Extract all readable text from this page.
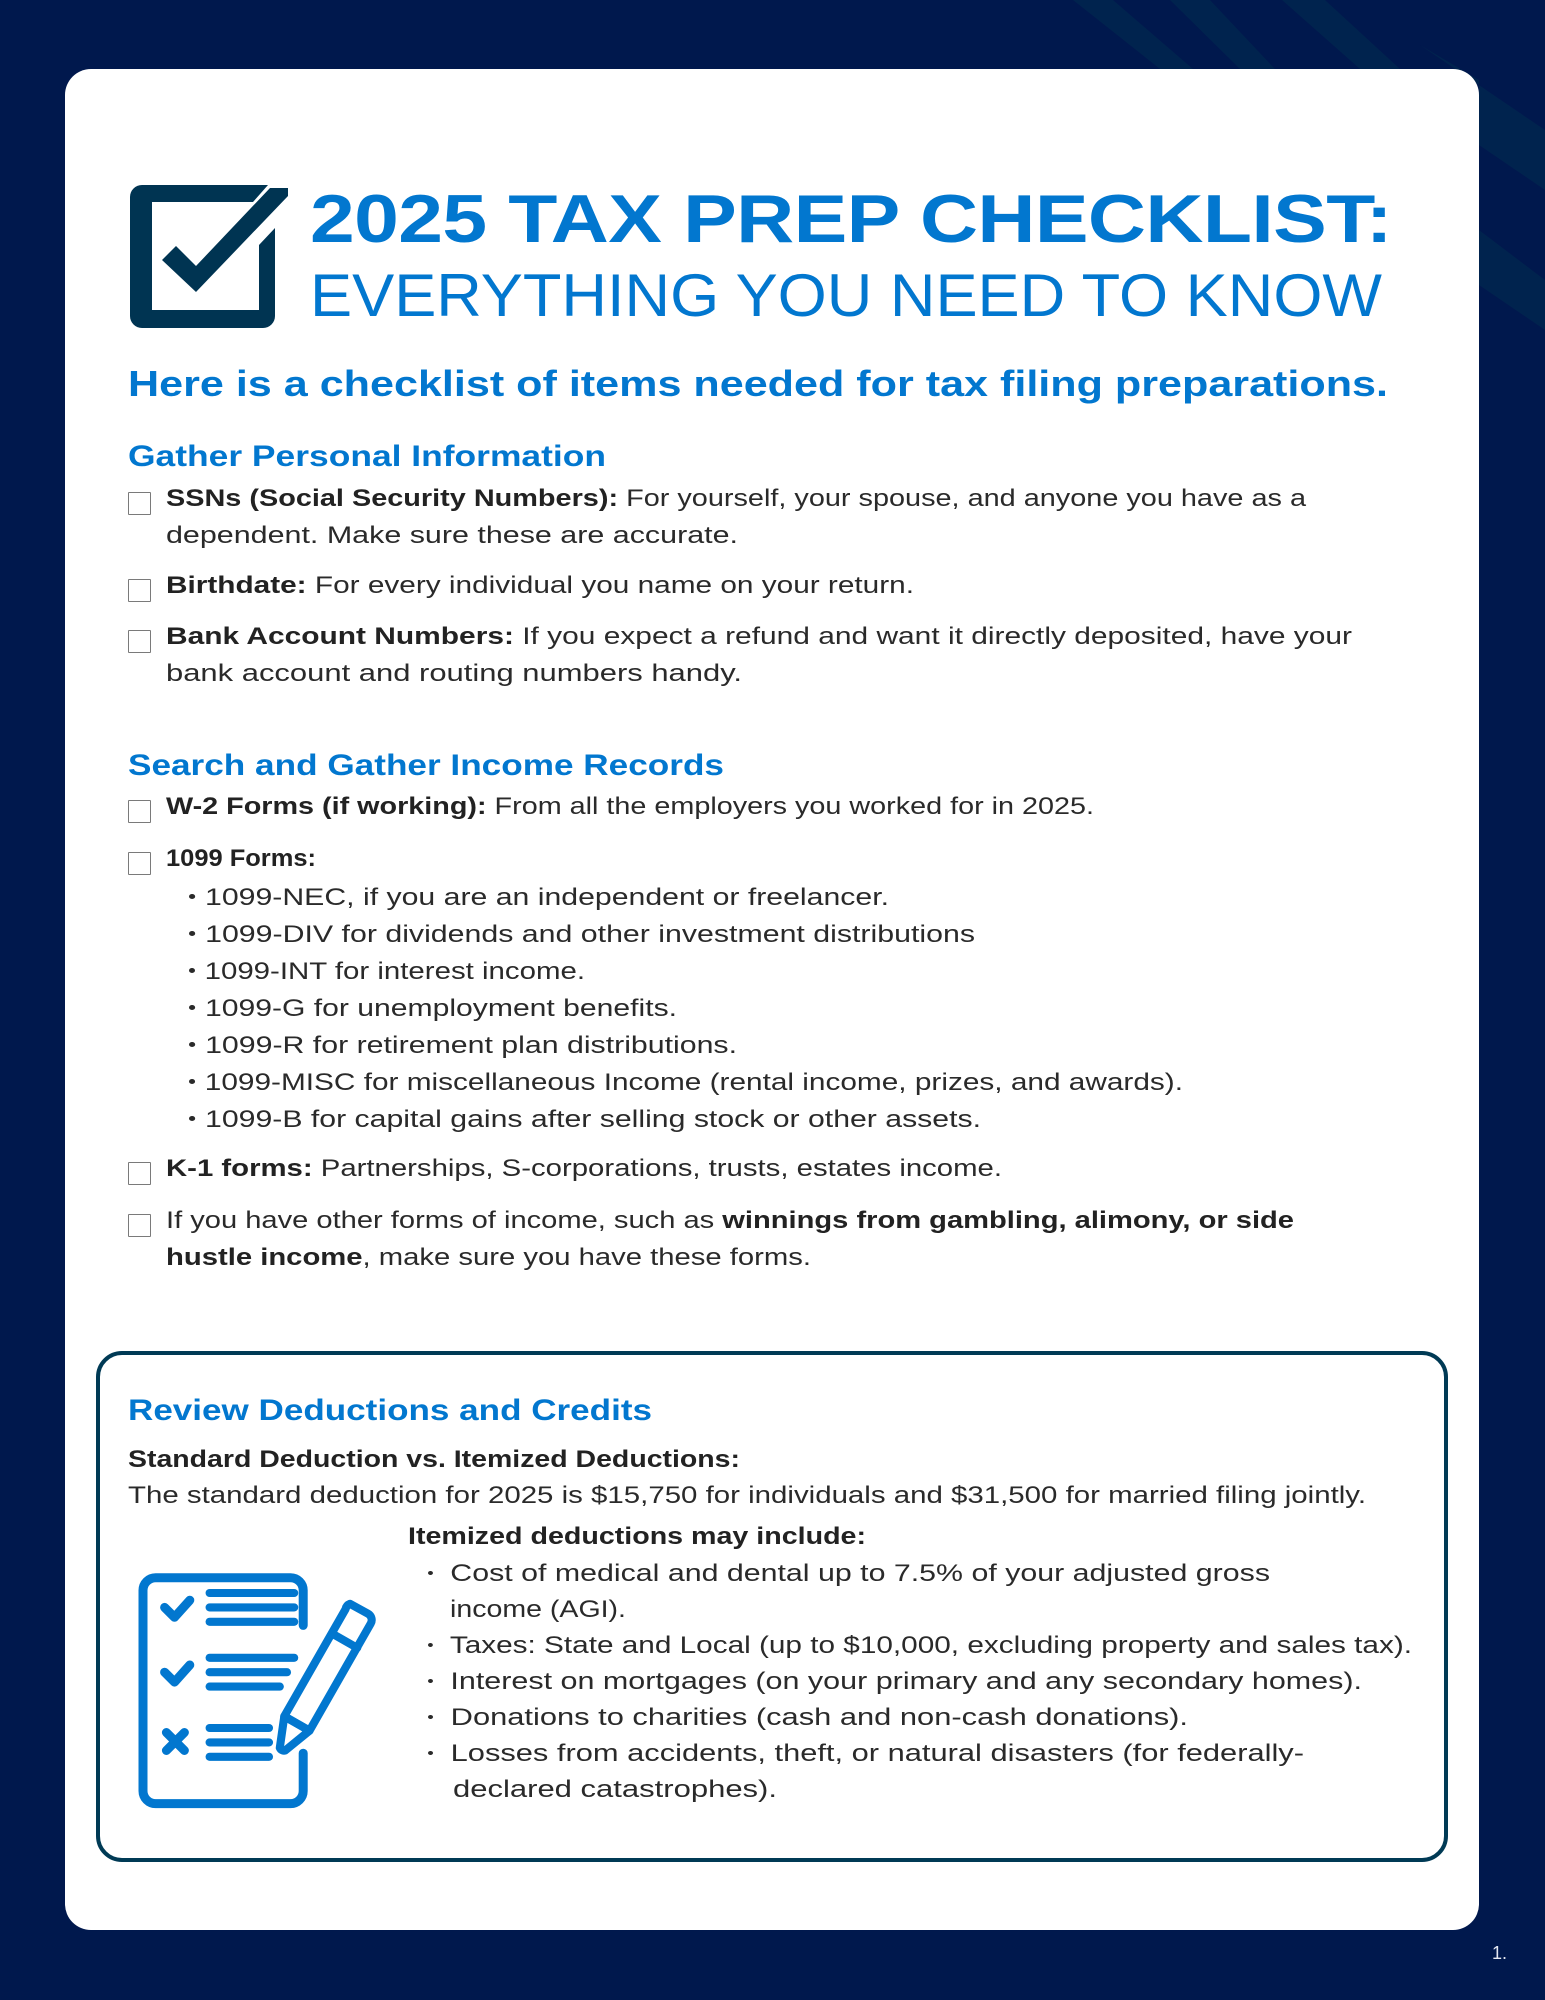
2025 TAX PREP CHECKLIST:
EVERYTHING YOU NEED TO KNOW
Here is a checklist of items needed for tax filing preparations.
Gather Personal Information
SSNs (Social Security Numbers): For yourself, your spouse, and anyone you have as a
dependent. Make sure these are accurate.
Birthdate: For every individual you name on your return.
Bank Account Numbers: If you expect a refund and want it directly deposited, have your
bank account and routing numbers handy.
Search and Gather Income Records
W-2 Forms (if working): From all the employers you worked for in 2025.
1099 Forms:
1099-NEC, if you are an independent or freelancer.
1099-DIV for dividends and other investment distributions
1099-INT for interest income.
1099-G for unemployment benefits.
1099-R for retirement plan distributions.
1099-MISC for miscellaneous Income (rental income, prizes, and awards).
1099-B for capital gains after selling stock or other assets.
K-1 forms: Partnerships, S-corporations, trusts, estates income.
If you have other forms of income, such as winnings from gambling, alimony, or side
hustle income, make sure you have these forms.
Review Deductions and Credits
Standard Deduction vs. Itemized Deductions:
The standard deduction for 2025 is $15,750 for individuals and $31,500 for married filing jointly.
Itemized deductions may include:
Cost of medical and dental up to 7.5% of your adjusted gross
income (AGI).
Taxes: State and Local (up to $10,000, excluding property and sales tax).
Interest on mortgages (on your primary and any secondary homes).
Donations to charities (cash and non-cash donations).
Losses from accidents, theft, or natural disasters (for federally-
declared catastrophes).
1.
